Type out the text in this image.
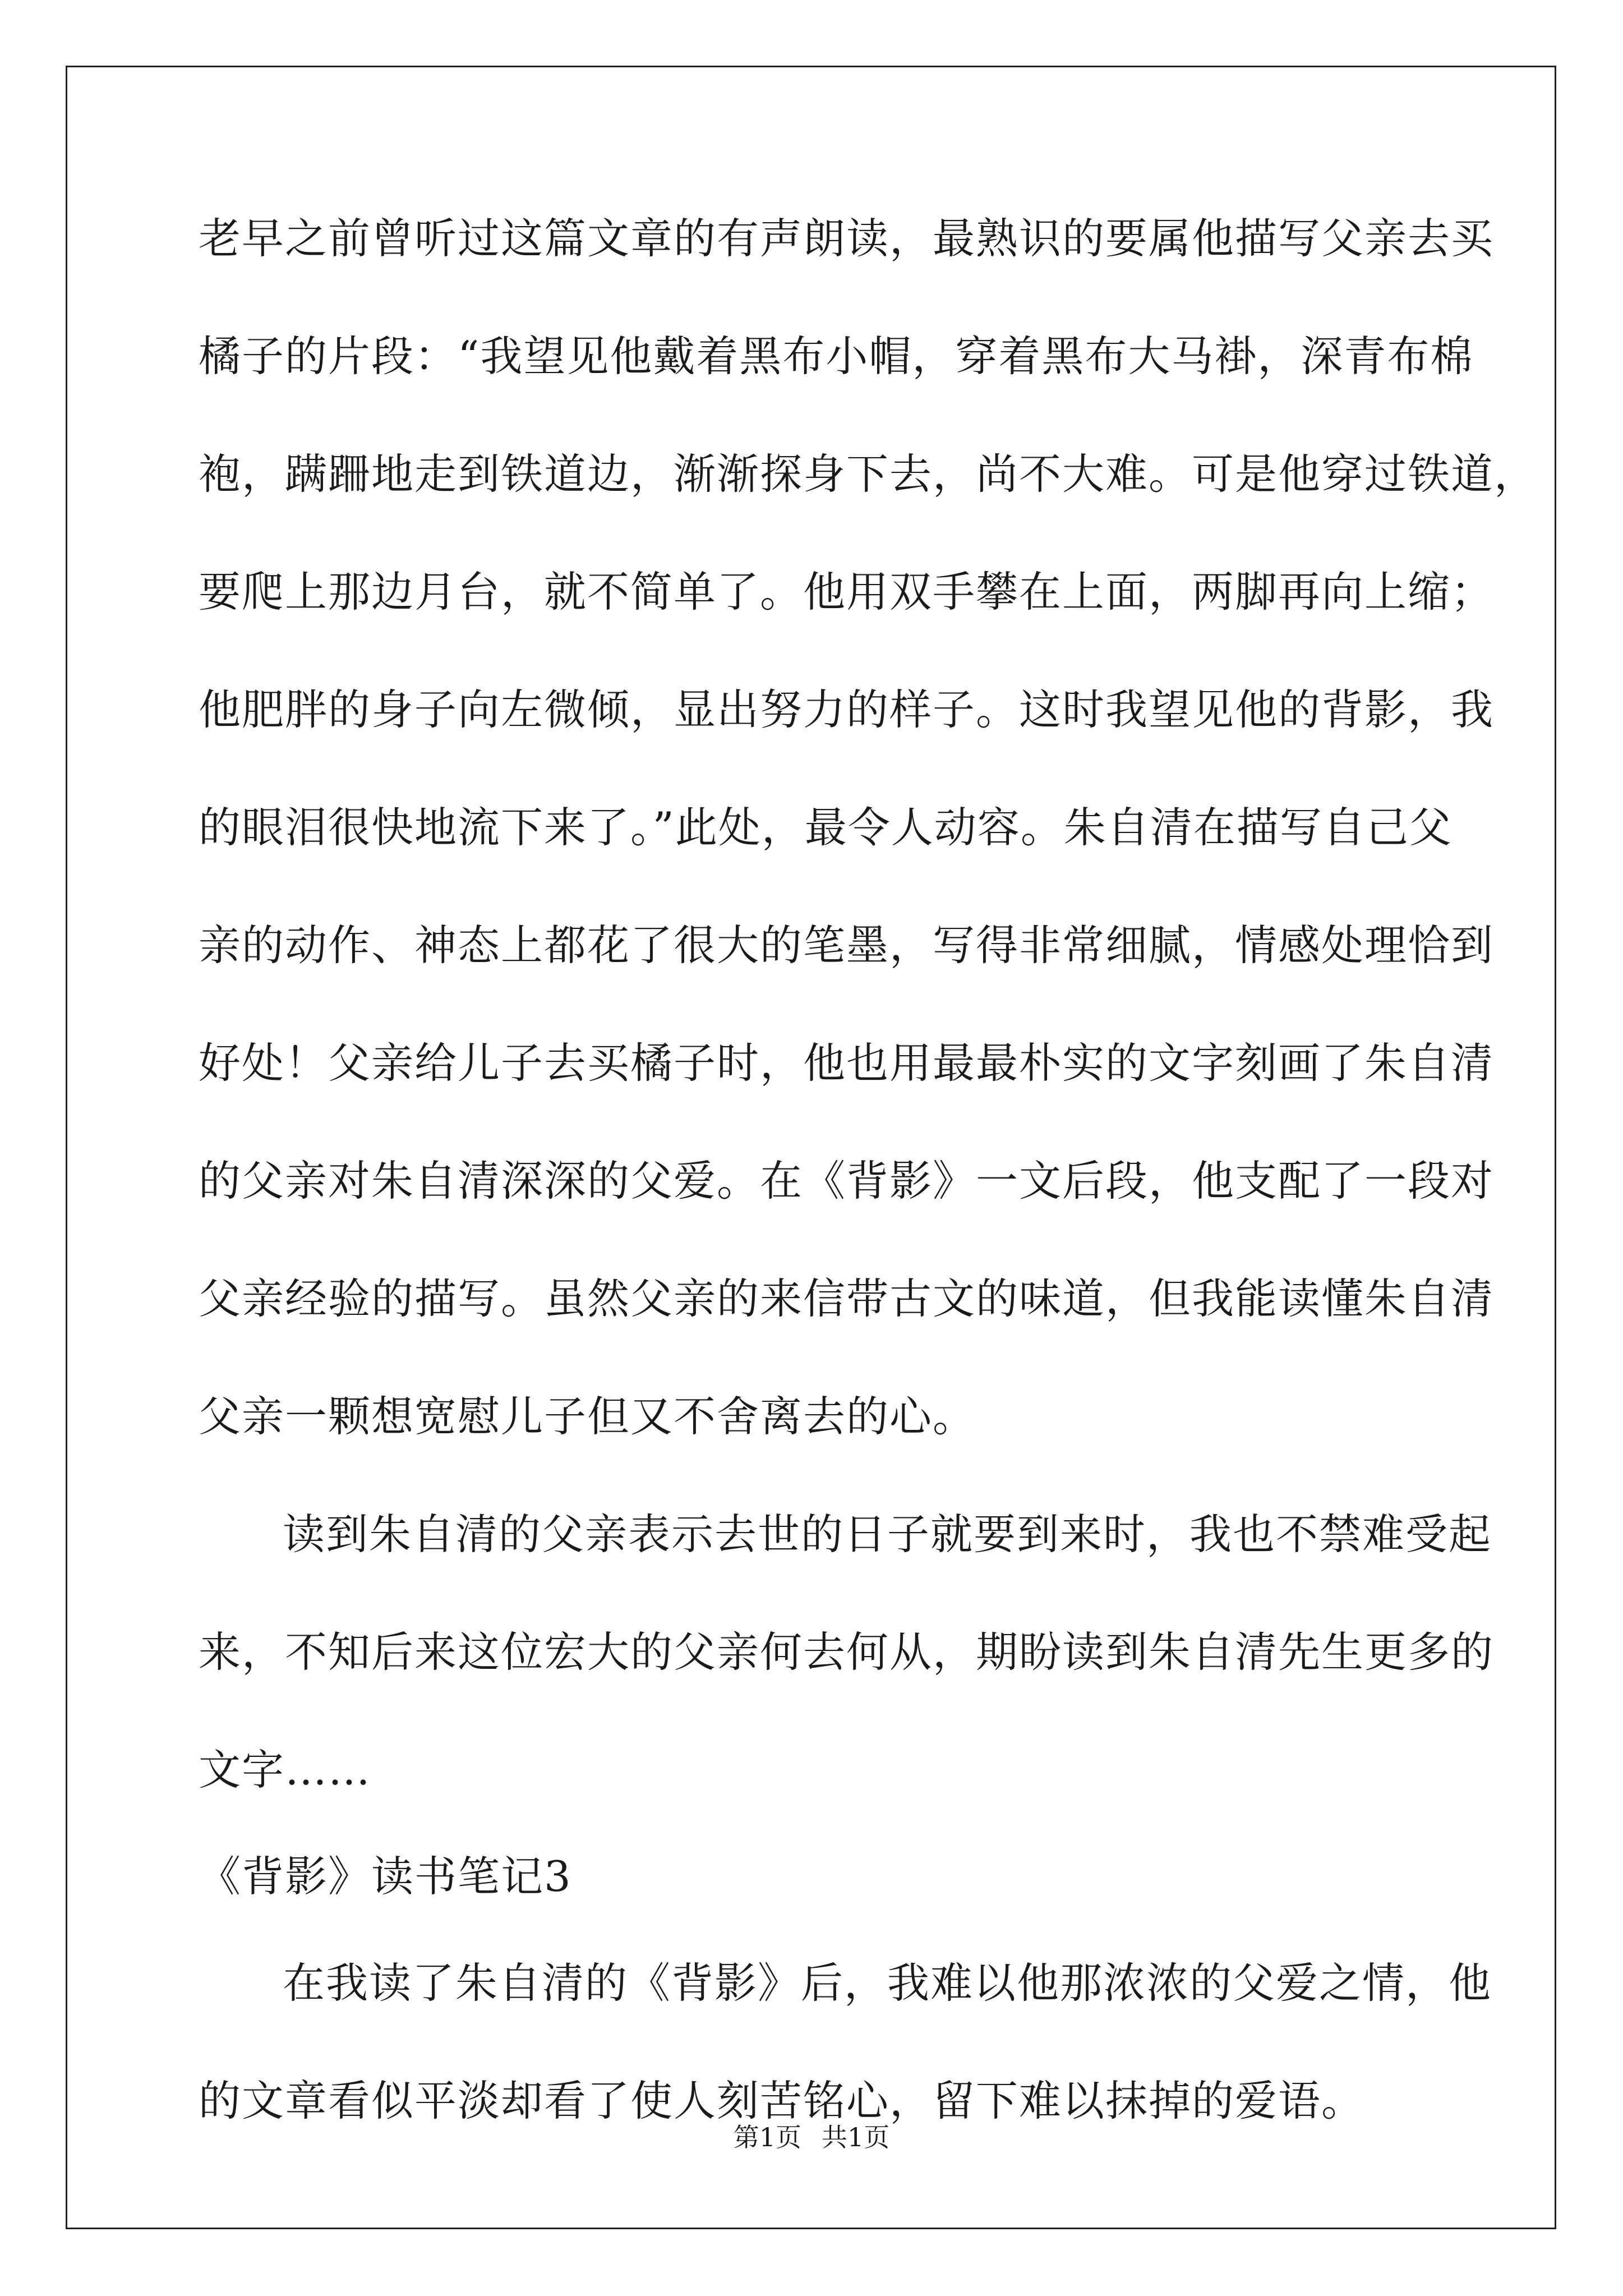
老早之前曾听过这篇文章的有声朗读，最熟识的要属他描写父亲去买
橘子的片段：“我望见他戴着黑布小帽，穿着黑布大马褂，深青布棉
袍，蹒跚地走到铁道边，渐渐探身下去，尚不大难。可是他穿过铁道，
要爬上那边月台，就不简单了。他用双手攀在上面，两脚再向上缩；
他肥胖的身子向左微倾，显出努力的样子。这时我望见他的背影，我
的眼泪很快地流下来了。”此处，最令人动容。朱自清在描写自己父
亲的动作、神态上都花了很大的笔墨，写得非常细腻，情感处理恰到
好处！父亲给儿子去买橘子时，他也用最最朴实的文字刻画了朱自清
的父亲对朱自清深深的父爱。在《背影》一文后段，他支配了一段对
父亲经验的描写。虽然父亲的来信带古文的味道，但我能读懂朱自清
父亲一颗想宽慰儿子但又不舍离去的心。
读到朱自清的父亲表示去世的日子就要到来时，我也不禁难受起
来，不知后来这位宏大的父亲何去何从，期盼读到朱自清先生更多的
文字……
《背影》读书笔记3
在我读了朱自清的《背影》后，我难以他那浓浓的父爱之情，他
的文章看似平淡却看了使人刻苦铭心，留下难以抹掉的爱语。
第1页 共1页
